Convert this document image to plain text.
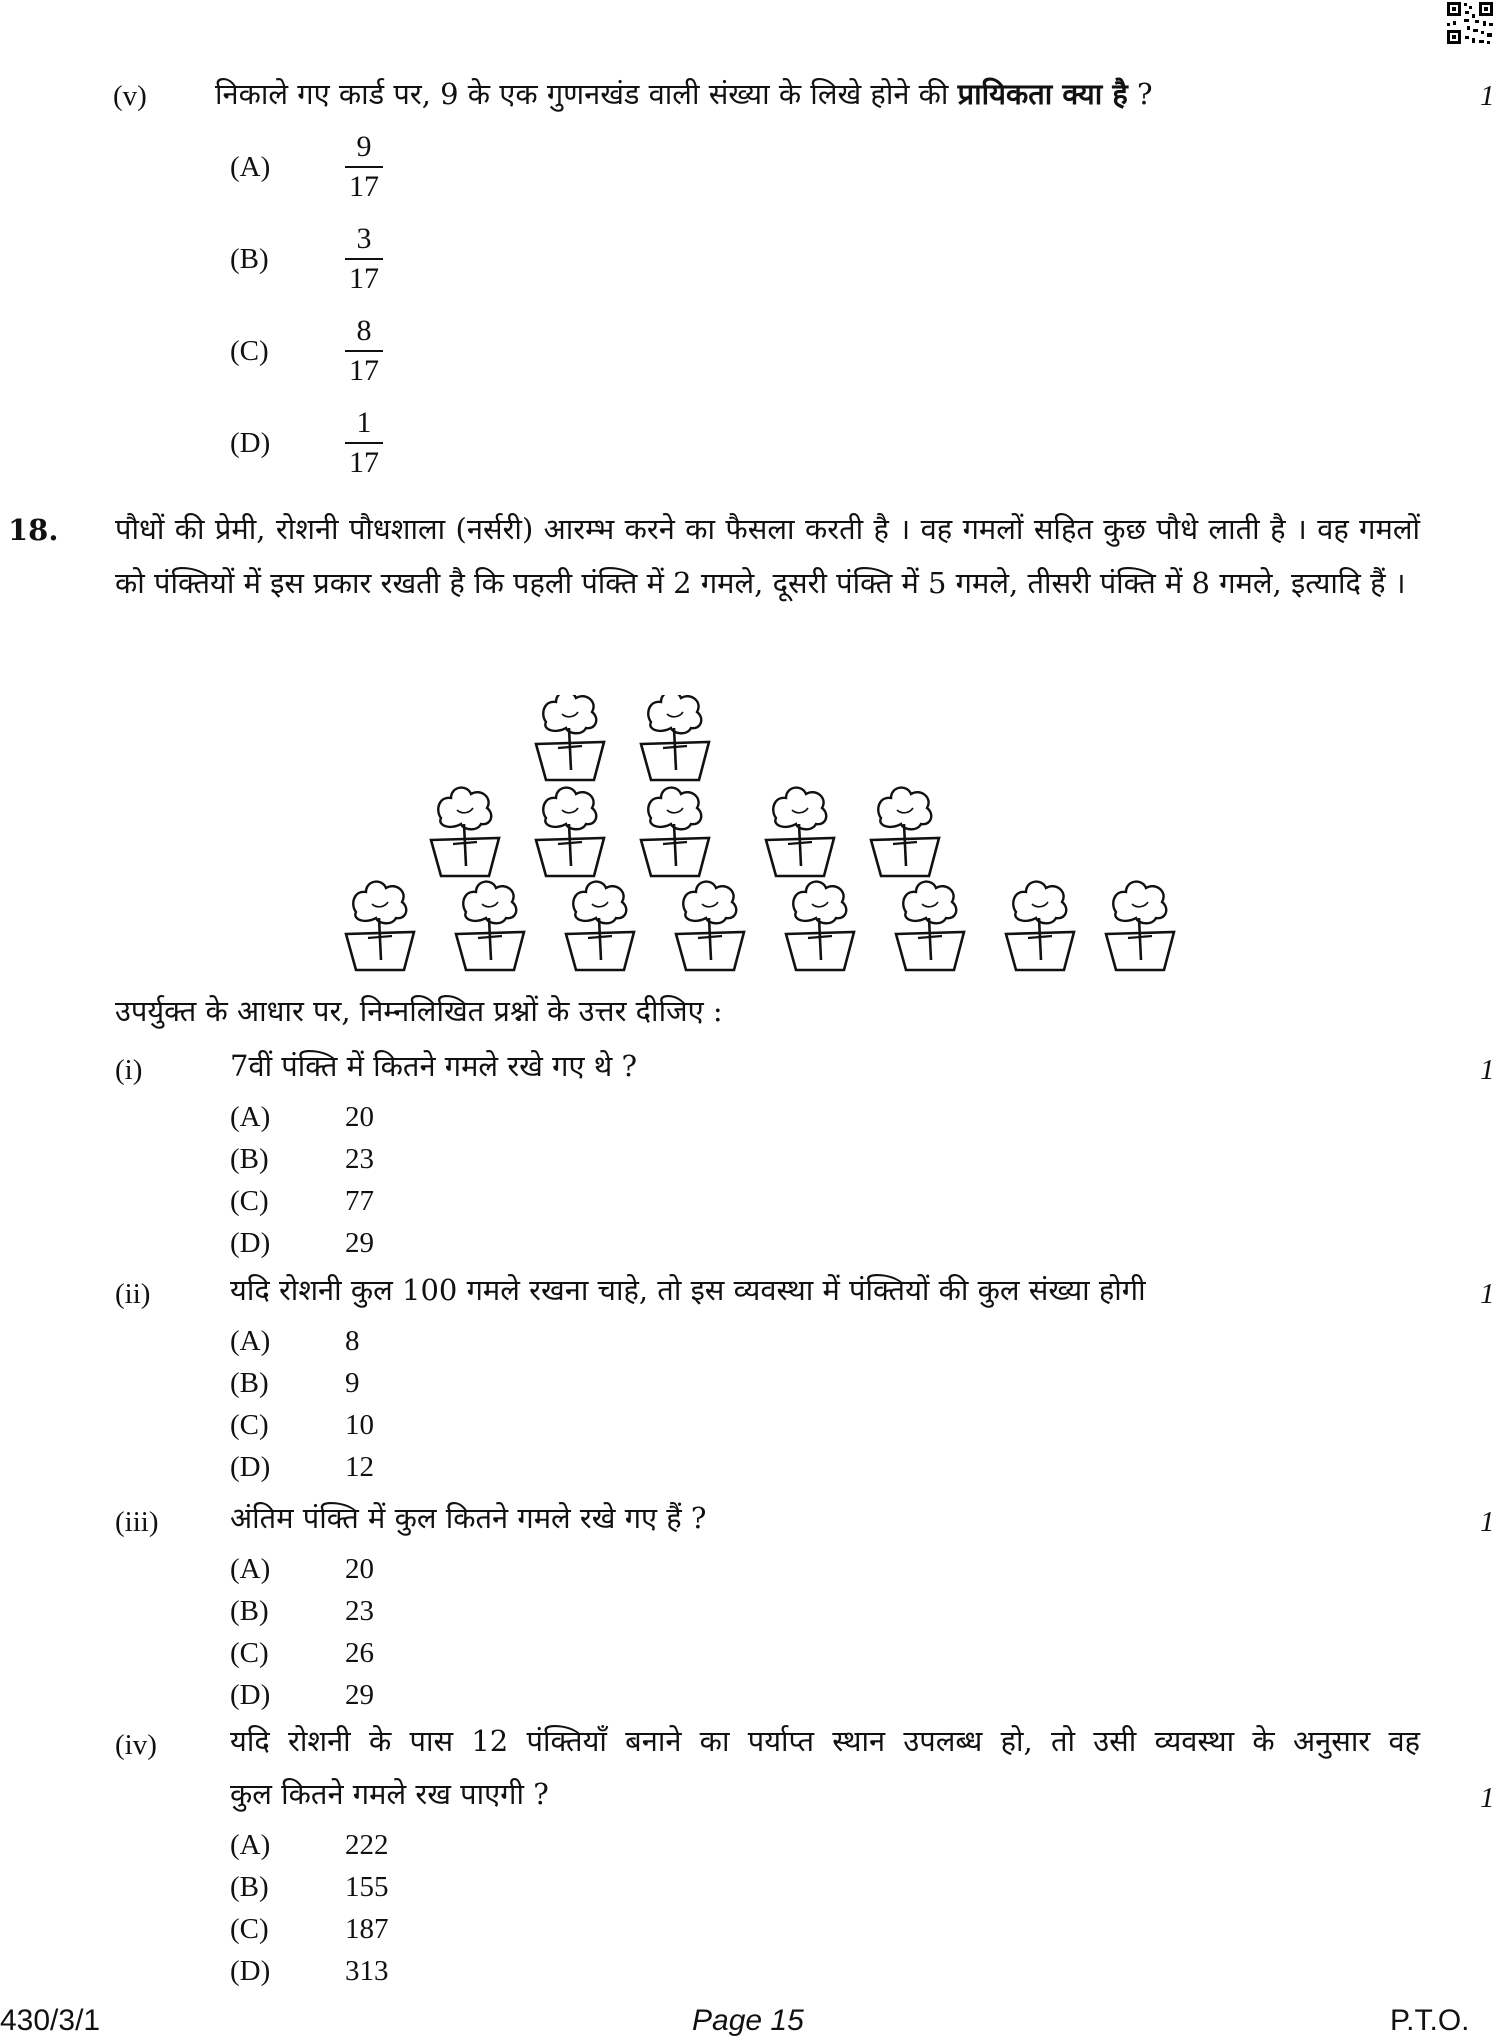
(v) निकाले गए कार्ड पर, 9 के एक गुणनखंड वाली संख्या के लिखे होने की प्रायिकता क्या है ?	1
(A)	$\frac{9}{17}$
(B)	$\frac{3}{17}$
(C)	$\frac{8}{17}$
(D)	$\frac{1}{17}$
18. पौधों की प्रेमी, रोशनी पौधशाला (नर्सरी) आरम्भ करने का फैसला करती है । वह गमलों सहित कुछ पौधे लाती है । वह गमलों को पंक्तियों में इस प्रकार रखती है कि पहली पंक्ति में 2 गमले, दूसरी पंक्ति में 5 गमले, तीसरी पंक्ति में 8 गमले, इत्यादि हैं ।
उपर्युक्त के आधार पर, निम्नलिखित प्रश्नों के उत्तर दीजिए :
(i)	7वीं पंक्ति में कितने गमले रखे गए थे ?	1
(A)	20
(B)	23
(C)	77
(D)	29
(ii)	यदि रोशनी कुल 100 गमले रखना चाहे, तो इस व्यवस्था में पंक्तियों की कुल संख्या होगी	1
(A)	8
(B)	9
(C)	10
(D)	12
(iii) अंतिम पंक्ति में कुल कितने गमले रखे गए हैं ?	1
(A)	20
(B)	23
(C)	26
(D)	29
(iv)	यदि रोशनी के पास 12 पंक्तियाँ बनाने का पर्याप्त स्थान उपलब्ध हो, तो उसी व्यवस्था के अनुसार वह
कुल कितने गमले रख पाएगी ?	1
(A)	222
(B)	155
(C)	187
(D)	313
430/3/1	Page 15	P.T.O.
